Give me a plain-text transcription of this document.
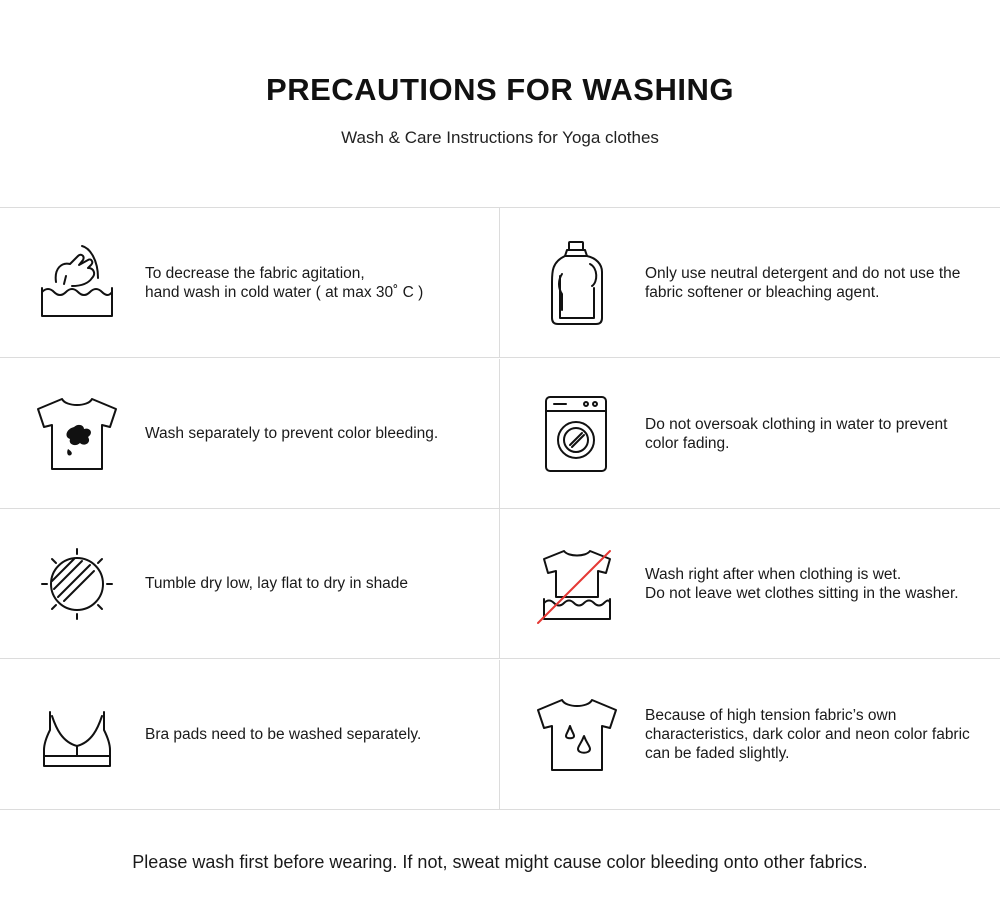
PRECAUTIONS FOR WASHING
Wash & Care Instructions for Yoga clothes
To decrease the fabric agitation,
hand wash in cold water ( at max 30˚ C )
Only use neutral detergent and do not use the fabric softener or bleaching agent.
Wash separately to prevent color bleeding.
Do not oversoak clothing in water to prevent color fading.
Tumble dry low, lay flat to dry in shade
Wash right after when clothing is wet.
Do not leave wet clothes sitting in the washer.
Bra pads need to be washed separately.
Because of high tension fabric’s own characteristics, dark color and neon color fabric can be faded slightly.
Please wash first before wearing. If not, sweat might cause color bleeding onto other fabrics.
